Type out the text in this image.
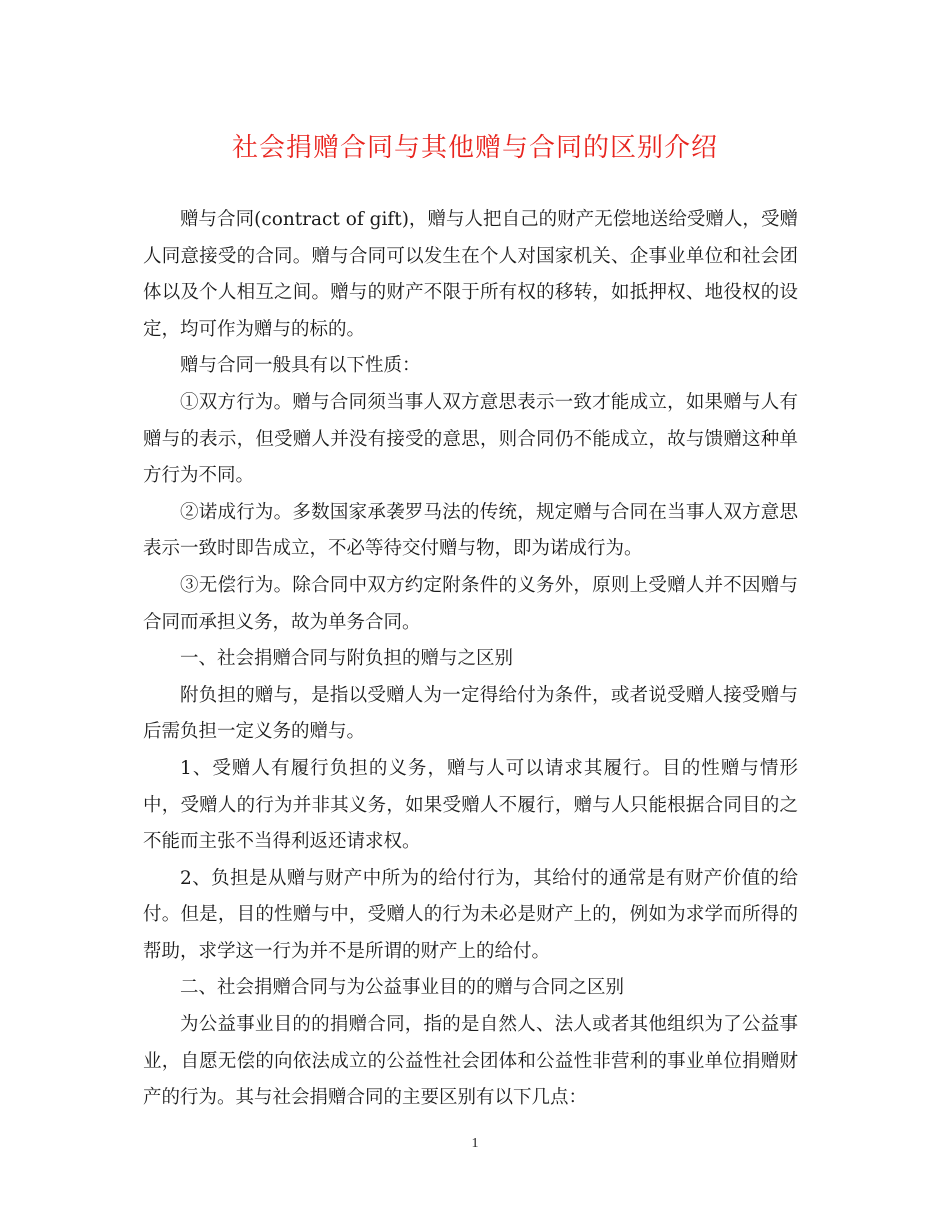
社会捐赠合同与其他赠与合同的区别介绍

赠与合同(contract of gift)，赠与人把自己的财产无偿地送给受赠人，受赠人同意接受的合同。赠与合同可以发生在个人对国家机关、企事业单位和社会团体以及个人相互之间。赠与的财产不限于所有权的移转，如抵押权、地役权的设定，均可作为赠与的标的。

赠与合同一般具有以下性质：

①双方行为。赠与合同须当事人双方意思表示一致才能成立，如果赠与人有赠与的表示，但受赠人并没有接受的意思，则合同仍不能成立，故与馈赠这种单方行为不同。

②诺成行为。多数国家承袭罗马法的传统，规定赠与合同在当事人双方意思表示一致时即告成立，不必等待交付赠与物，即为诺成行为。

③无偿行为。除合同中双方约定附条件的义务外，原则上受赠人并不因赠与合同而承担义务，故为单务合同。

一、社会捐赠合同与附负担的赠与之区别

附负担的赠与，是指以受赠人为一定得给付为条件，或者说受赠人接受赠与后需负担一定义务的赠与。

1、受赠人有履行负担的义务，赠与人可以请求其履行。目的性赠与情形中，受赠人的行为并非其义务，如果受赠人不履行，赠与人只能根据合同目的之不能而主张不当得利返还请求权。

2、负担是从赠与财产中所为的给付行为，其给付的通常是有财产价值的给付。但是，目的性赠与中，受赠人的行为未必是财产上的，例如为求学而所得的帮助，求学这一行为并不是所谓的财产上的给付。

二、社会捐赠合同与为公益事业目的的赠与合同之区别

为公益事业目的的捐赠合同，指的是自然人、法人或者其他组织为了公益事业，自愿无偿的向依法成立的公益性社会团体和公益性非营利的事业单位捐赠财产的行为。其与社会捐赠合同的主要区别有以下几点：

1
